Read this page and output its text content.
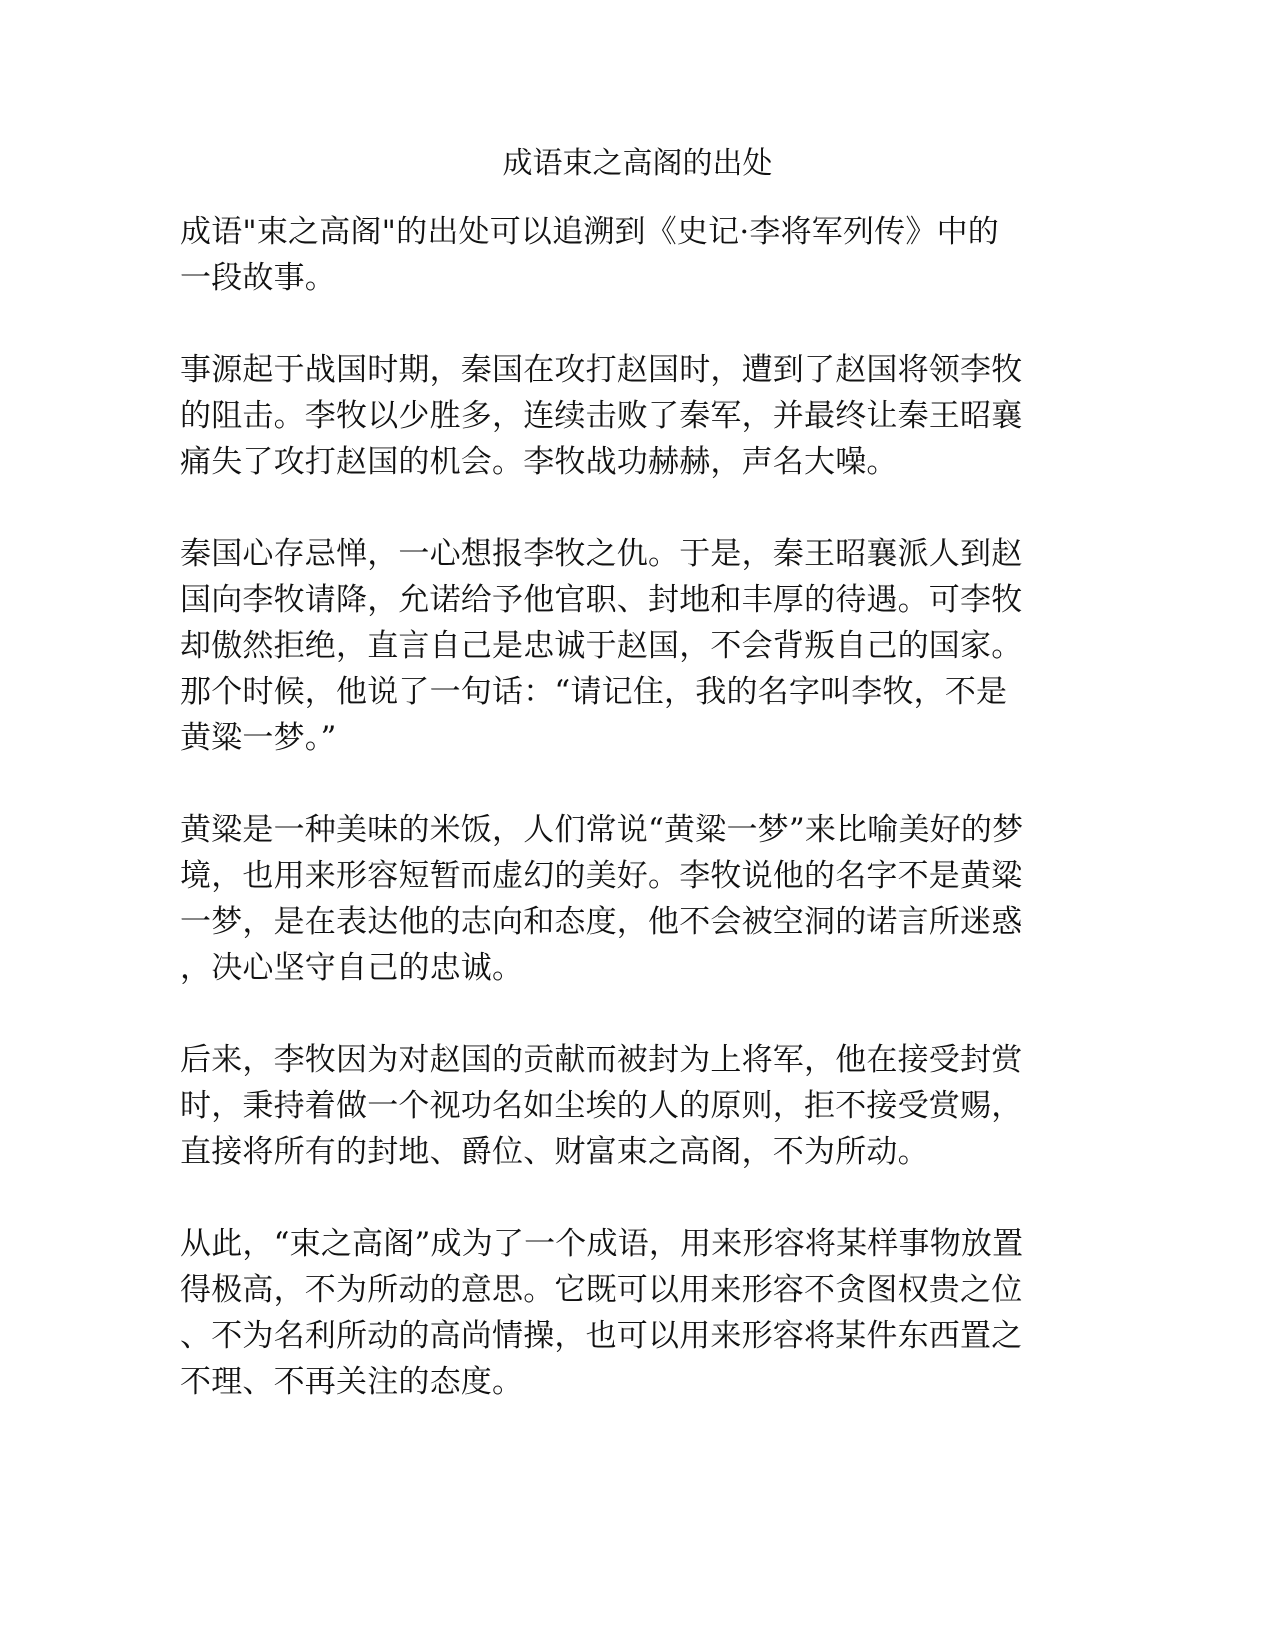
成语束之高阁的出处
成语"束之高阁"的出处可以追溯到《史记·李将军列传》中的
一段故事。
事源起于战国时期，秦国在攻打赵国时，遭到了赵国将领李牧
的阻击。李牧以少胜多，连续击败了秦军，并最终让秦王昭襄
痛失了攻打赵国的机会。李牧战功赫赫，声名大噪。
秦国心存忌惮，一心想报李牧之仇。于是，秦王昭襄派人到赵
国向李牧请降，允诺给予他官职、封地和丰厚的待遇。可李牧
却傲然拒绝，直言自己是忠诚于赵国，不会背叛自己的国家。
那个时候，他说了一句话：“请记住，我的名字叫李牧，不是
黄粱一梦。”
黄粱是一种美味的米饭，人们常说“黄粱一梦”来比喻美好的梦
境，也用来形容短暂而虚幻的美好。李牧说他的名字不是黄粱
一梦，是在表达他的志向和态度，他不会被空洞的诺言所迷惑
，决心坚守自己的忠诚。
后来，李牧因为对赵国的贡献而被封为上将军，他在接受封赏
时，秉持着做一个视功名如尘埃的人的原则，拒不接受赏赐，
直接将所有的封地、爵位、财富束之高阁，不为所动。
从此，“束之高阁”成为了一个成语，用来形容将某样事物放置
得极高，不为所动的意思。它既可以用来形容不贪图权贵之位
、不为名利所动的高尚情操，也可以用来形容将某件东西置之
不理、不再关注的态度。
